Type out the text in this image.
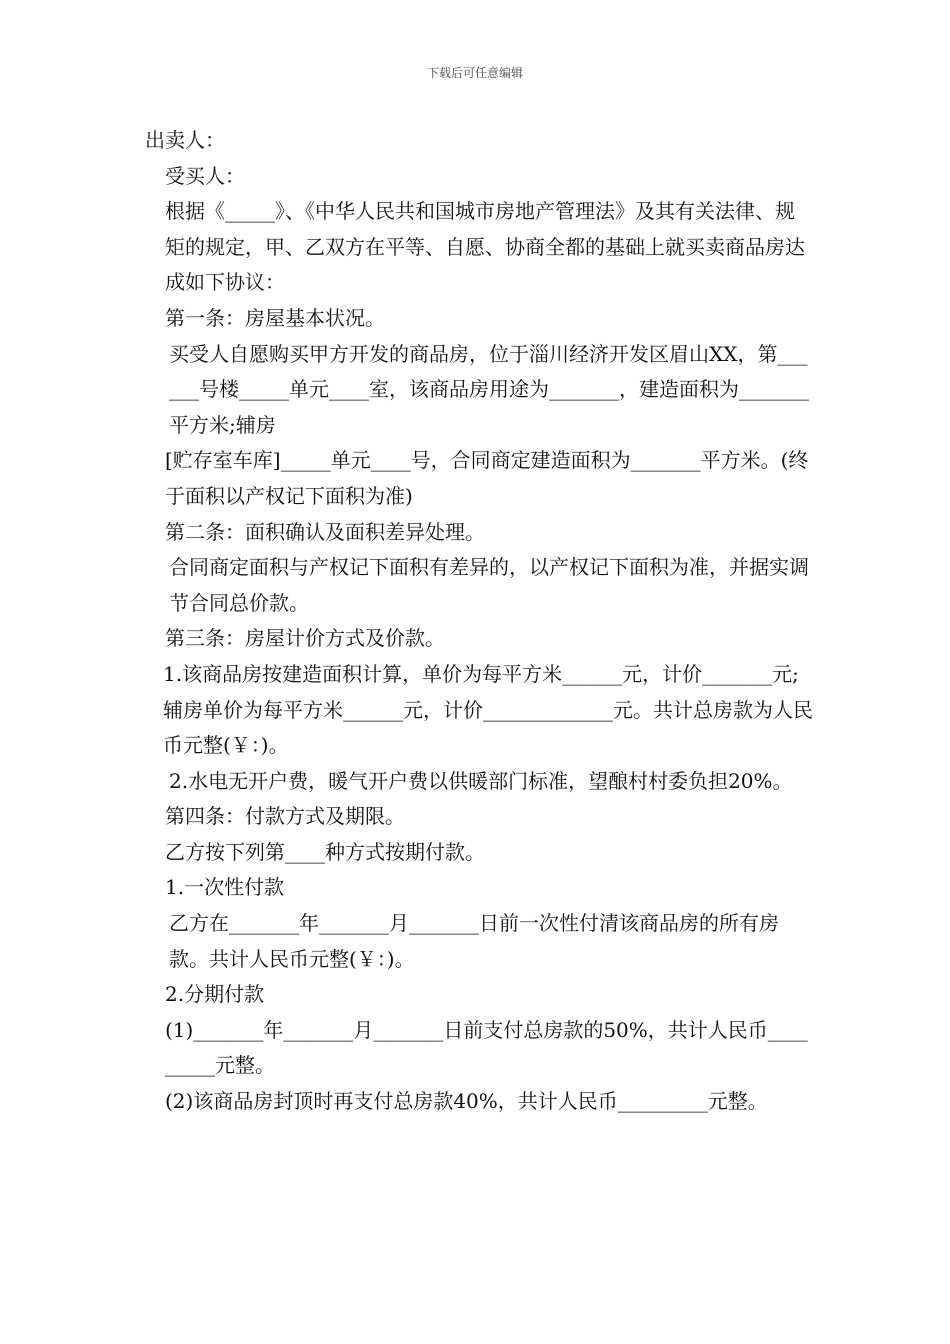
下载后可任意编辑

出卖人：

受买人：

根据《_____》、《中华人民共和国城市房地产管理法》及其有关法律、规矩的规定，甲、乙双方在平等、自愿、协商全都的基础上就买卖商品房达成如下协议：

第一条：房屋基本状况。

买受人自愿购买甲方开发的商品房，位于淄川经济开发区眉山XX，第______号楼_____单元____室，该商品房用途为_______，建造面积为_______平方米;辅房

[贮存室车库]_____单元____号，合同商定建造面积为_______平方米。(终于面积以产权记下面积为准)

第二条：面积确认及面积差异处理。

合同商定面积与产权记下面积有差异的，以产权记下面积为准，并据实调节合同总价款。

第三条：房屋计价方式及价款。

1.该商品房按建造面积计算，单价为每平方米______元，计价_______元;辅房单价为每平方米______元，计价_____________元。共计总房款为人民币元整(￥：)。

2.水电无开户费，暖气开户费以供暖部门标准，望酿村村委负担20%。

第四条：付款方式及期限。

乙方按下列第____种方式按期付款。

1.一次性付款

乙方在_______年_______月_______日前一次性付清该商品房的所有房款。共计人民币元整(￥：)。

2.分期付款

(1)_______年_______月_______日前支付总房款的50%，共计人民币_________元整。

(2)该商品房封顶时再支付总房款40%，共计人民币_________元整。
